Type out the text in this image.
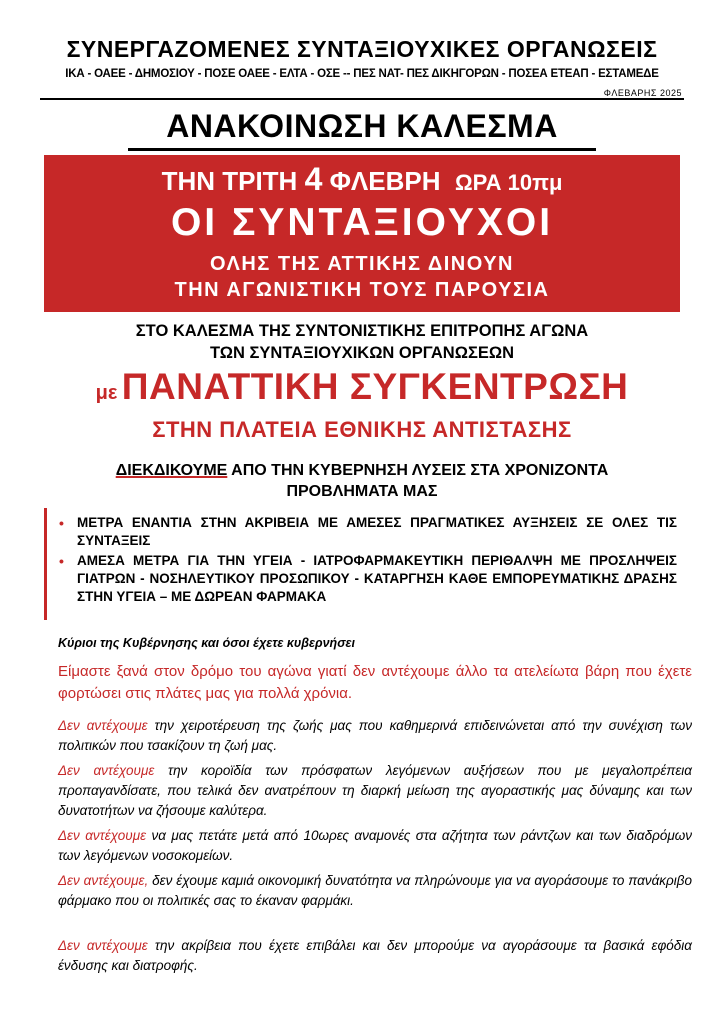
ΣΥΝΕΡΓΑΖΟΜΕΝΕΣ ΣΥΝΤΑΞΙΟΥΧΙΚΕΣ ΟΡΓΑΝΩΣΕΙΣ
ΙΚΑ - ΟΑΕΕ - ΔΗΜΟΣΙΟΥ - ΠΟΣΕ ΟΑΕΕ - ΕΛΤΑ - ΟΣΕ -- ΠΕΣ ΝΑΤ- ΠΕΣ ΔΙΚΗΓΟΡΩΝ - ΠΟΣΕΑ ΕΤΕΑΠ - ΕΣΤΑΜΕΔΕ
ΦΛΕΒΑΡΗΣ 2025
ΑΝΑΚΟΙΝΩΣΗ ΚΑΛΕΣΜΑ
ΤΗΝ ΤΡΙΤΗ 4 ΦΛΕΒΡΗ ΩΡΑ 10πμ
ΟΙ ΣΥΝΤΑΞΙΟΥΧΟΙ
ΟΛΗΣ ΤΗΣ ΑΤΤΙΚΗΣ ΔΙΝΟΥΝ
ΤΗΝ ΑΓΩΝΙΣΤΙΚΗ ΤΟΥΣ ΠΑΡΟΥΣΙΑ
ΣΤΟ ΚΑΛΕΣΜΑ ΤΗΣ ΣΥΝΤΟΝΙΣΤΙΚΗΣ ΕΠΙΤΡΟΠΗΣ ΑΓΩΝΑ
ΤΩΝ ΣΥΝΤΑΞΙΟΥΧΙΚΩΝ ΟΡΓΑΝΩΣΕΩΝ
με ΠΑΝΑΤΤΙΚΗ ΣΥΓΚΕΝΤΡΩΣΗ
ΣΤΗΝ ΠΛΑΤΕΙΑ ΕΘΝΙΚΗΣ ΑΝΤΙΣΤΑΣΗΣ
ΔΙΕΚΔΙΚΟΥΜΕ ΑΠΟ ΤΗΝ ΚΥΒΕΡΝΗΣΗ ΛΥΣΕΙΣ ΣΤΑ ΧΡΟΝΙΖΟΝΤΑ
ΠΡΟΒΛΗΜΑΤΑ ΜΑΣ
• ΜΕΤΡΑ ΕΝΑΝΤΙΑ ΣΤΗΝ ΑΚΡΙΒΕΙΑ ΜΕ ΑΜΕΣΕΣ ΠΡΑΓΜΑΤΙΚΕΣ ΑΥΞΗΣΕΙΣ ΣΕ ΟΛΕΣ ΤΙΣ ΣΥΝΤΑΞΕΙΣ
• ΑΜΕΣΑ ΜΕΤΡΑ ΓΙΑ ΤΗΝ ΥΓΕΙΑ - ΙΑΤΡΟΦΑΡΜΑΚΕΥΤΙΚΗ ΠΕΡΙΘΑΛΨΗ ΜΕ ΠΡΟΣΛΗΨΕΙΣ ΓΙΑΤΡΩΝ - ΝΟΣΗΛΕΥΤΙΚΟΥ ΠΡΟΣΩΠΙΚΟΥ - ΚΑΤΑΡΓΗΣΗ ΚΑΘΕ ΕΜΠΟΡΕΥΜΑΤΙΚΗΣ ΔΡΑΣΗΣ ΣΤΗΝ ΥΓΕΙΑ – ΜΕ ΔΩΡΕΑΝ ΦΑΡΜΑΚΑ
Κύριοι της Κυβέρνησης και όσοι έχετε κυβερνήσει
Είμαστε ξανά στον δρόμο του αγώνα γιατί δεν αντέχουμε άλλο τα ατελείωτα βάρη που έχετε φορτώσει στις πλάτες μας για πολλά χρόνια.
Δεν αντέχουμε την χειροτέρευση της ζωής μας που καθημερινά επιδεινώνεται από την συνέχιση των πολιτικών που τσακίζουν τη ζωή μας.
Δεν αντέχουμε την κοροϊδία των πρόσφατων λεγόμενων αυξήσεων που με μεγαλοπρέπεια προπαγανδίσατε, που τελικά δεν ανατρέπουν τη διαρκή μείωση της αγοραστικής μας δύναμης και των δυνατοτήτων να ζήσουμε καλύτερα.
Δεν αντέχουμε να μας πετάτε μετά από 10ωρες αναμονές στα αζήτητα των ράντζων και των διαδρόμων των λεγόμενων νοσοκομείων.
Δεν αντέχουμε, δεν έχουμε καμιά οικονομική δυνατότητα να πληρώνουμε για να αγοράσουμε το πανάκριβο φάρμακο που οι πολιτικές σας το έκαναν φαρμάκι.
Δεν αντέχουμε την ακρίβεια που έχετε επιβάλει και δεν μπορούμε να αγοράσουμε τα βασικά εφόδια ένδυσης και διατροφής.
